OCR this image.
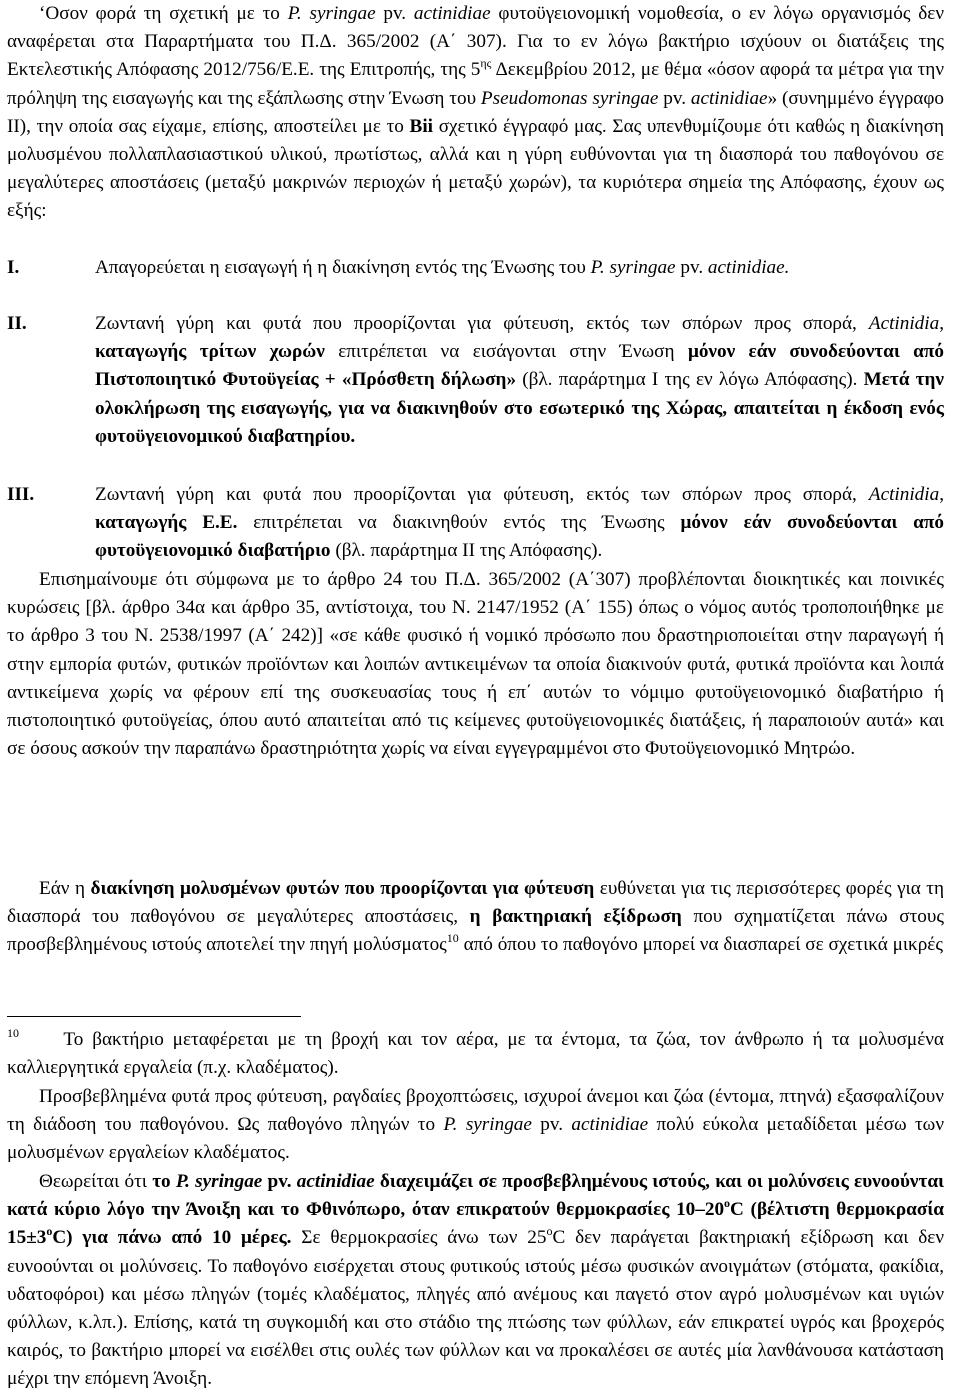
‘Οσον φορά τη σχετική με το P. syringae pv. actinidiae φυτοϋγειονομική νομοθεσία, ο εν λόγω οργανισμός δεν αναφέρεται στα Παραρτήματα του Π.Δ. 365/2002 (Α΄ 307). Για το εν λόγω βακτήριο ισχύουν οι διατάξεις της Εκτελεστικής Απόφασης 2012/756/Ε.Ε. της Επιτροπής, της $5^{\eta\varsigma}$ Δεκεμβρίου 2012, με θέμα «όσον αφορά τα μέτρα για την πρόληψη της εισαγωγής και της εξάπλωσης στην Ένωση του Pseudomonas syringae pv. actinidiae» (συνημμένο έγγραφο ΙΙ), την οποία σας είχαμε, επίσης, αποστείλει με το Βii σχετικό έγγραφό μας. Σας υπενθυμίζουμε ότι καθώς η διακίνηση μολυσμένου πολλαπλασιαστικού υλικού, πρωτίστως, αλλά και η γύρη ευθύνονται για τη διασπορά του παθογόνου σε μεγαλύτερες αποστάσεις (μεταξύ μακρινών περιοχών ή μεταξύ χωρών), τα κυριότερα σημεία της Απόφασης, έχουν ως εξής:

Ι.	Απαγορεύεται η εισαγωγή ή η διακίνηση εντός της Ένωσης του P. syringae pv. actinidiae.

ΙΙ.	Ζωντανή γύρη και φυτά που προορίζονται για φύτευση, εκτός των σπόρων προς σπορά, Actinidia, καταγωγής τρίτων χωρών επιτρέπεται να εισάγονται στην Ένωση μόνον εάν συνοδεύονται από Πιστοποιητικό Φυτοϋγείας + «Πρόσθετη δήλωση» (βλ. παράρτημα Ι της εν λόγω Απόφασης). Μετά την ολοκλήρωση της εισαγωγής, για να διακινηθούν στο εσωτερικό της Χώρας, απαιτείται η έκδοση ενός φυτοϋγειονομικού διαβατηρίου.

ΙΙΙ.	Ζωντανή γύρη και φυτά που προορίζονται για φύτευση, εκτός των σπόρων προς σπορά, Actinidia, καταγωγής Ε.Ε. επιτρέπεται να διακινηθούν εντός της Ένωσης μόνον εάν συνοδεύονται από φυτοϋγειονομικό διαβατήριο (βλ. παράρτημα ΙΙ της Απόφασης).

Επισημαίνουμε ότι σύμφωνα με το άρθρο 24 του Π.Δ. 365/2002 (Α΄307) προβλέπονται διοικητικές και ποινικές κυρώσεις [βλ. άρθρο 34α και άρθρο 35, αντίστοιχα, του Ν. 2147/1952 (Α΄ 155) όπως ο νόμος αυτός τροποποιήθηκε με το άρθρο 3 του Ν. 2538/1997 (Α΄ 242)] «σε κάθε φυσικό ή νομικό πρόσωπο που δραστηριοποιείται στην παραγωγή ή στην εμπορία φυτών, φυτικών προϊόντων και λοιπών αντικειμένων τα οποία διακινούν φυτά, φυτικά προϊόντα και λοιπά αντικείμενα χωρίς να φέρουν επί της συσκευασίας τους ή επ΄ αυτών το νόμιμο φυτοϋγειονομικό διαβατήριο ή πιστοποιητικό φυτοϋγείας, όπου αυτό απαιτείται από τις κείμενες φυτοϋγειονομικές διατάξεις, ή παραποιούν αυτά» και σε όσους ασκούν την παραπάνω δραστηριότητα χωρίς να είναι εγγεγραμμένοι στο Φυτοϋγειονομικό Μητρώο.

Εάν η διακίνηση μολυσμένων φυτών που προορίζονται για φύτευση ευθύνεται για τις περισσότερες φορές για τη διασπορά του παθογόνου σε μεγαλύτερες αποστάσεις, η βακτηριακή εξίδρωση που σχηματίζεται πάνω στους προσβεβλημένους ιστούς αποτελεί την πηγή μολύσματος$^{10}$ από όπου το παθογόνο μπορεί να διασπαρεί σε σχετικά μικρές

$^{10}$ Το βακτήριο μεταφέρεται με τη βροχή και τον αέρα, με τα έντομα, τα ζώα, τον άνθρωπο ή τα μολυσμένα καλλιεργητικά εργαλεία (π.χ. κλαδέματος).

Προσβεβλημένα φυτά προς φύτευση, ραγδαίες βροχοπτώσεις, ισχυροί άνεμοι και ζώα (έντομα, πτηνά) εξασφαλίζουν τη διάδοση του παθογόνου. Ως παθογόνο πληγών το P. syringae pv. actinidiae πολύ εύκολα μεταδίδεται μέσω των μολυσμένων εργαλείων κλαδέματος.

Θεωρείται ότι το P. syringae pv. actinidiae διαχειμάζει σε προσβεβλημένους ιστούς, και οι μολύνσεις ευνοούνται κατά κύριο λόγο την Άνοιξη και το Φθινόπωρο, όταν επικρατούν θερμοκρασίες $10-20^oC$ (βέλτιστη θερμοκρασία $15\pm 3^oC$) για πάνω από 10 μέρες. Σε θερμοκρασίες άνω των $25^oC$ δεν παράγεται βακτηριακή εξίδρωση και δεν ευνοούνται οι μολύνσεις. Το παθογόνο εισέρχεται στους φυτικούς ιστούς μέσω φυσικών ανοιγμάτων (στόματα, φακίδια, υδατοφόροι) και μέσω πληγών (τομές κλαδέματος, πληγές από ανέμους και παγετό στον αγρό μολυσμένων και υγιών φύλλων, κ.λπ.). Επίσης, κατά τη συγκομιδή και στο στάδιο της πτώσης των φύλλων, εάν επικρατεί υγρός και βροχερός καιρός, το βακτήριο μπορεί να εισέλθει στις ουλές των φύλλων και να προκαλέσει σε αυτές μία λανθάνουσα κατάσταση μέχρι την επόμενη Άνοιξη.
